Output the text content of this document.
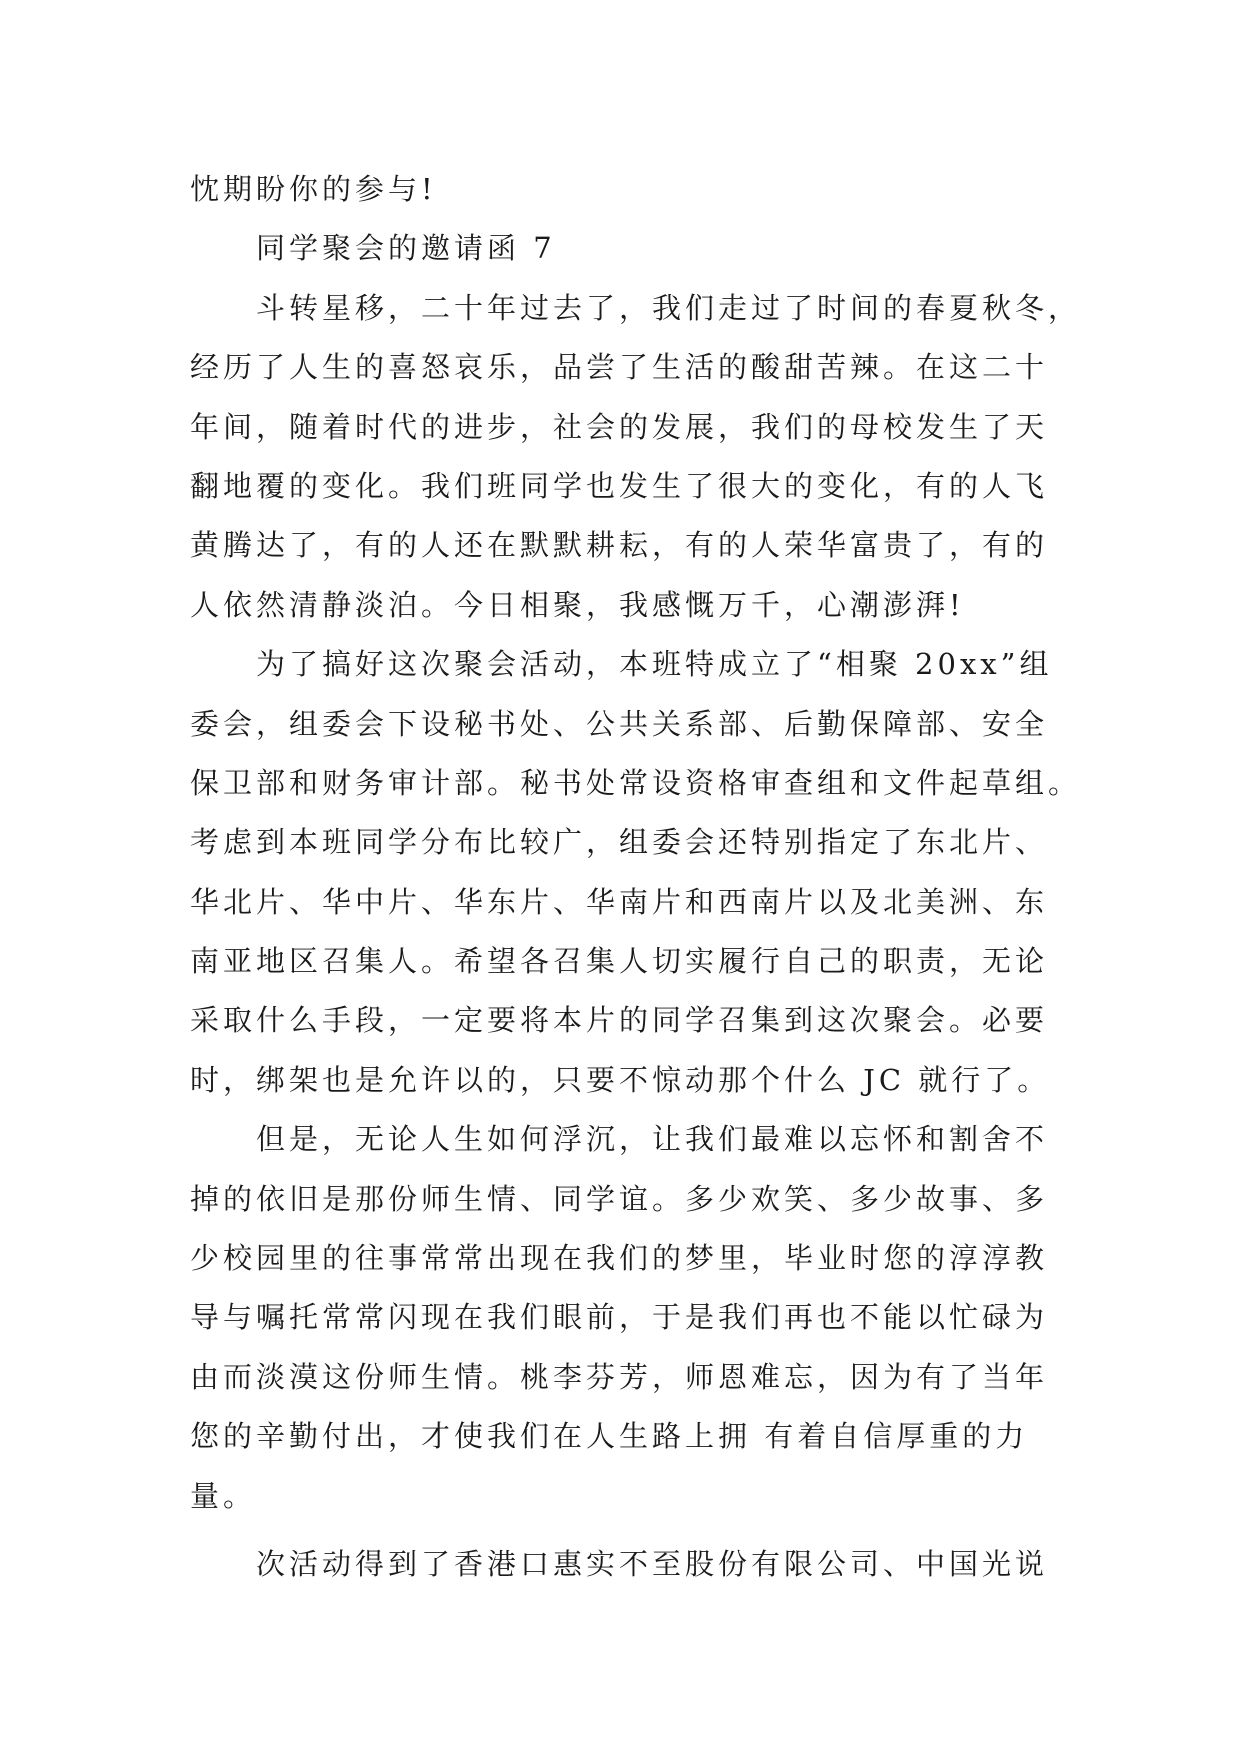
忱期盼你的参与!
同学聚会的邀请函 7
斗转星移，二十年过去了，我们走过了时间的春夏秋冬，
经历了人生的喜怒哀乐，品尝了生活的酸甜苦辣。在这二十
年间，随着时代的进步，社会的发展，我们的母校发生了天
翻地覆的变化。我们班同学也发生了很大的变化，有的人飞
黄腾达了，有的人还在默默耕耘，有的人荣华富贵了，有的
人依然清静淡泊。今日相聚，我感慨万千，心潮澎湃!
为了搞好这次聚会活动，本班特成立了“相聚 20xx”组
委会，组委会下设秘书处、公共关系部、后勤保障部、安全
保卫部和财务审计部。秘书处常设资格审查组和文件起草组。
考虑到本班同学分布比较广，组委会还特别指定了东北片、
华北片、华中片、华东片、华南片和西南片以及北美洲、东
南亚地区召集人。希望各召集人切实履行自己的职责，无论
采取什么手段，一定要将本片的同学召集到这次聚会。必要
时，绑架也是允许以的，只要不惊动那个什么 JC 就行了。
但是，无论人生如何浮沉，让我们最难以忘怀和割舍不
掉的依旧是那份师生情、同学谊。多少欢笑、多少故事、多
少校园里的往事常常出现在我们的梦里，毕业时您的淳淳教
导与嘱托常常闪现在我们眼前，于是我们再也不能以忙碌为
由而淡漠这份师生情。桃李芬芳，师恩难忘，因为有了当年
您的辛勤付出，才使我们在人生路上拥 有着自信厚重的力
量。
次活动得到了香港口惠实不至股份有限公司、中国光说
